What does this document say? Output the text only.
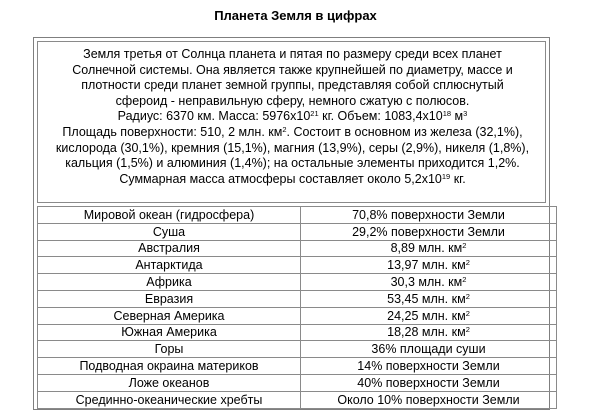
Планета Земля в цифрах
Земля третья от Солнца планета и пятая по размеру среди всех планет
Солнечной системы. Она является также крупнейшей по диаметру, массе и
плотности среди планет земной группы, представляя собой сплюснутый
сфероид - неправильную сферу, немного сжатую с полюсов.
Радиус: 6370 км. Масса: $5976x10^{21}$ кг. Объем: $1083,4x10^{18}$ $м^3$
Площадь поверхности: 510, 2 млн. $км^2$. Состоит в основном из железа (32,1%),
кислорода (30,1%), кремния (15,1%), магния (13,9%), серы (2,9%), никеля (1,8%),
кальция (1,5%) и алюминия (1,4%); на остальные элементы приходится 1,2%.
Суммарная масса атмосферы составляет около $5,2x10^{19}$ кг.
Мировой океан (гидросфера)	70,8% поверхности Земли
Суша	29,2% поверхности Земли
Австралия	8,89 млн. $км^2$
Антарктида	13,97 млн. $км^2$
Африка	30,3 млн. $км^2$
Евразия	53,45 млн. $км^2$
Северная Америка	24,25 млн. $км^2$
Южная Америка	18,28 млн. $км^2$
Горы	36% площади суши
Подводная окраина материков	14% поверхности Земли
Ложе океанов	40% поверхности Земли
Срединно-океанические хребты	Около 10% поверхности Земли
